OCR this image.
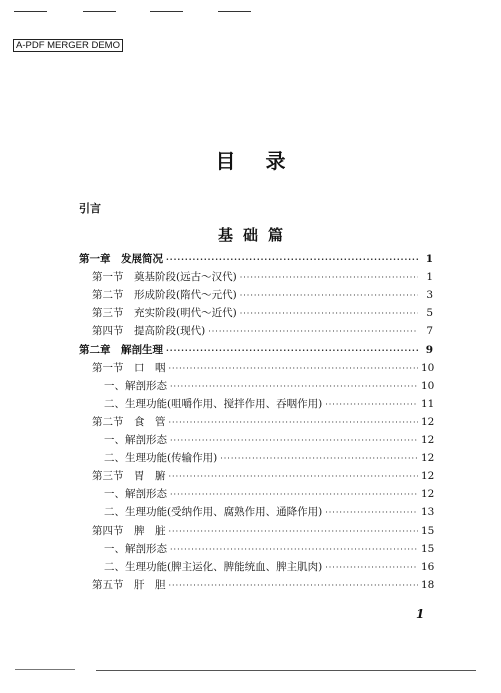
A-PDF MERGER DEMO
目录
引言
基础篇
第一章　发展简况 ·····	1
第一节　奠基阶段(远古～汉代) ·····	1
第二节　形成阶段(隋代～元代) ·····	3
第三节　充实阶段(明代～近代) ·····	5
第四节　提高阶段(现代) ·····	7
第二章　解剖生理 ·····	9
第一节　口　咽 ·····	10
一、解剖形态 ·····	10
二、生理功能(咀嚼作用、搅拌作用、吞咽作用) ·····	11
第二节　食　管 ·····	12
一、解剖形态 ·····	12
二、生理功能(传输作用) ·····	12
第三节　胃　腑 ·····	12
一、解剖形态 ·····	12
二、生理功能(受纳作用、腐熟作用、通降作用) ·····	13
第四节　脾　脏 ·····	15
一、解剖形态 ·····	15
二、生理功能(脾主运化、脾能统血、脾主肌肉) ·····	16
第五节　肝　胆 ·····	18
1
